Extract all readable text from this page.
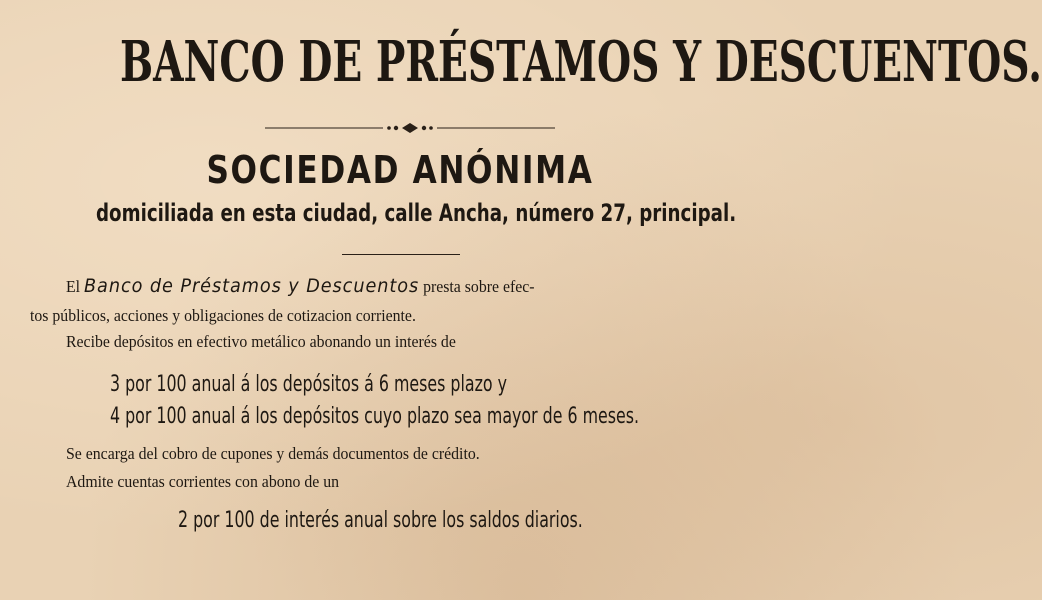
BANCO DE PRÉSTAMOS Y DESCUENTOS.
SOCIEDAD ANÓNIMA
domiciliada en esta ciudad, calle Ancha, número 27, principal.
El Banco de Préstamos y Descuentos presta sobre efec-
tos públicos, acciones y obligaciones de cotizacion corriente.
Recibe depósitos en efectivo metálico abonando un interés de
3 por 100 anual á los depósitos á 6 meses plazo y
4 por 100 anual á los depósitos cuyo plazo sea mayor de 6 meses.
Se encarga del cobro de cupones y demás documentos de crédito.
Admite cuentas corrientes con abono de un
2 por 100 de interés anual sobre los saldos diarios.
